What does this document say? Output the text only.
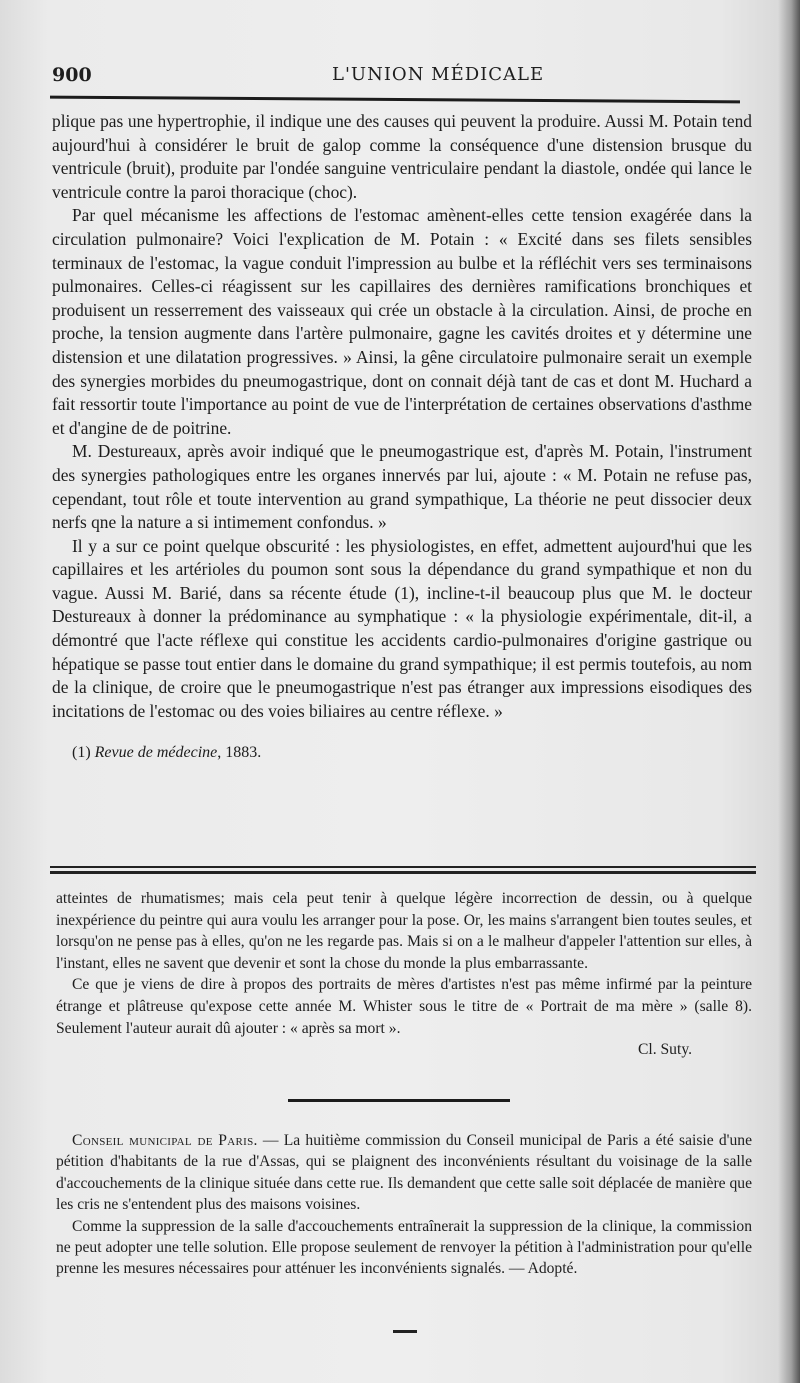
900	L'UNION MÉDICALE

plique pas une hypertrophie, il indique une des causes qui peuvent la produire. Aussi M. Potain tend aujourd'hui à considérer le bruit de galop comme la conséquence d'une distension brusque du ventricule (bruit), produite par l'ondée sanguine ventriculaire pendant la diastole, ondée qui lance le ventricule contre la paroi thoracique (choc).

Par quel mécanisme les affections de l'estomac amènent-elles cette tension exagérée dans la circulation pulmonaire? Voici l'explication de M. Potain : « Excité dans ses filets sensibles terminaux de l'estomac, la vague conduit l'impression au bulbe et la réfléchit vers ses terminaisons pulmonaires. Celles-ci réagissent sur les capillaires des dernières ramifications bronchiques et produisent un resserrement des vaisseaux qui crée un obstacle à la circulation. Ainsi, de proche en proche, la tension augmente dans l'artère pulmonaire, gagne les cavités droites et y détermine une distension et une dilatation progressives. » Ainsi, la gêne circulatoire pulmonaire serait un exemple des synergies morbides du pneumogastrique, dont on connait déjà tant de cas et dont M. Huchard a fait ressortir toute l'importance au point de vue de l'interprétation de certaines observations d'asthme et d'angine de de poitrine.

M. Destureaux, après avoir indiqué que le pneumogastrique est, d'après M. Potain, l'instrument des synergies pathologiques entre les organes innervés par lui, ajoute : « M. Potain ne refuse pas, cependant, tout rôle et toute intervention au grand sympathique, La théorie ne peut dissocier deux nerfs qne la nature a si intimement confondus. »

Il y a sur ce point quelque obscurité : les physiologistes, en effet, admettent aujourd'hui que les capillaires et les artérioles du poumon sont sous la dépendance du grand sympathique et non du vague. Aussi M. Barié, dans sa récente étude (1), incline-t-il beaucoup plus que M. le docteur Destureaux à donner la prédominance au symphatique : « la physiologie expérimentale, dit-il, a démontré que l'acte réflexe qui constitue les accidents cardio-pulmonaires d'origine gastrique ou hépatique se passe tout entier dans le domaine du grand sympathique; il est permis toutefois, au nom de la clinique, de croire que le pneumogastrique n'est pas étranger aux impressions eisodiques des incitations de l'estomac ou des voies biliaires au centre réflexe. »

(1) Revue de médecine, 1883.

atteintes de rhumatismes; mais cela peut tenir à quelque légère incorrection de dessin, ou à quelque inexpérience du peintre qui aura voulu les arranger pour la pose. Or, les mains s'arrangent bien toutes seules, et lorsqu'on ne pense pas à elles, qu'on ne les regarde pas. Mais si on a le malheur d'appeler l'attention sur elles, à l'instant, elles ne savent que devenir et sont la chose du monde la plus embarrassante.

Ce que je viens de dire à propos des portraits de mères d'artistes n'est pas même infirmé par la peinture étrange et plâtreuse qu'expose cette année M. Whister sous le titre de « Portrait de ma mère » (salle 8). Seulement l'auteur aurait dû ajouter : « après sa mort ».

Cl. Suty.

Conseil municipal de Paris. — La huitième commission du Conseil municipal de Paris a été saisie d'une pétition d'habitants de la rue d'Assas, qui se plaignent des inconvénients résultant du voisinage de la salle d'accouchements de la clinique située dans cette rue. Ils demandent que cette salle soit déplacée de manière que les cris ne s'entendent plus des maisons voisines.

Comme la suppression de la salle d'accouchements entraînerait la suppression de la clinique, la commission ne peut adopter une telle solution. Elle propose seulement de renvoyer la pétition à l'administration pour qu'elle prenne les mesures nécessaires pour atténuer les inconvénients signalés. — Adopté.
